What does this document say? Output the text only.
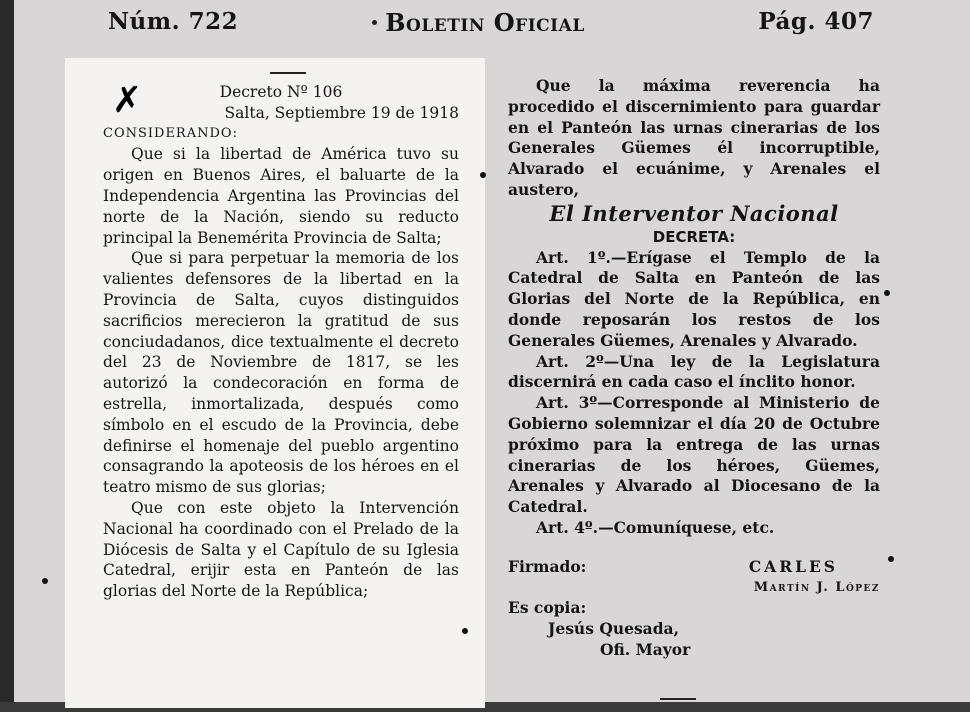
Núm. 722	Boletin Oficial	Pág. 407
✗	Decreto Nº 106
Salta, Septiembre 19 de 1918
CONSIDERANDO:

Que si la libertad de América tuvo su origen en Buenos Aires, el baluarte de la Independencia Argentina las Provincias del norte de la Nación, siendo su reducto principal la Benemérita Provincia de Salta;

Que si para perpetuar la memoria de los valientes defensores de la libertad en la Provincia de Salta, cuyos distinguidos sacrificios merecieron la gratitud de sus conciudadanos, dice textualmente el decreto del 23 de Noviembre de 1817, se les autorizó la condecoración en forma de estrella, inmortalizada, después como símbolo en el escudo de la Provincia, debe definirse el homenaje del pueblo argentino consagrando la apoteosis de los héroes en el teatro mismo de sus glorias;

Que con este objeto la Intervención Nacional ha coordinado con el Prelado de la Diócesis de Salta y el Capítulo de su Iglesia Catedral, erijir esta en Panteón de las glorias del Norte de la República;

Que la máxima reverencia ha procedido el discernimiento para guardar en el Panteón las urnas cinerarias de los Generales Güemes él incorruptible, Alvarado el ecuánime, y Arenales el austero,

El Interventor Nacional
DECRETA:

Art. 1º.—Erígase el Templo de la Catedral de Salta en Panteón de las Glorias del Norte de la República, en donde reposarán los restos de los Generales Güemes, Arenales y Alvarado.

Art. 2º—Una ley de la Legislatura discernirá en cada caso el ínclito honor.

Art. 3º—Corresponde al Ministerio de Gobierno solemnizar el día 20 de Octubre próximo para la entrega de las urnas cinerarias de los héroes, Güemes, Arenales y Alvarado al Diocesano de la Catedral.

Art. 4º.—Comuníquese, etc.

Firmado:	CARLES
Martín J. López
Es copia:
Jesús Quesada,
Ofi. Mayor
